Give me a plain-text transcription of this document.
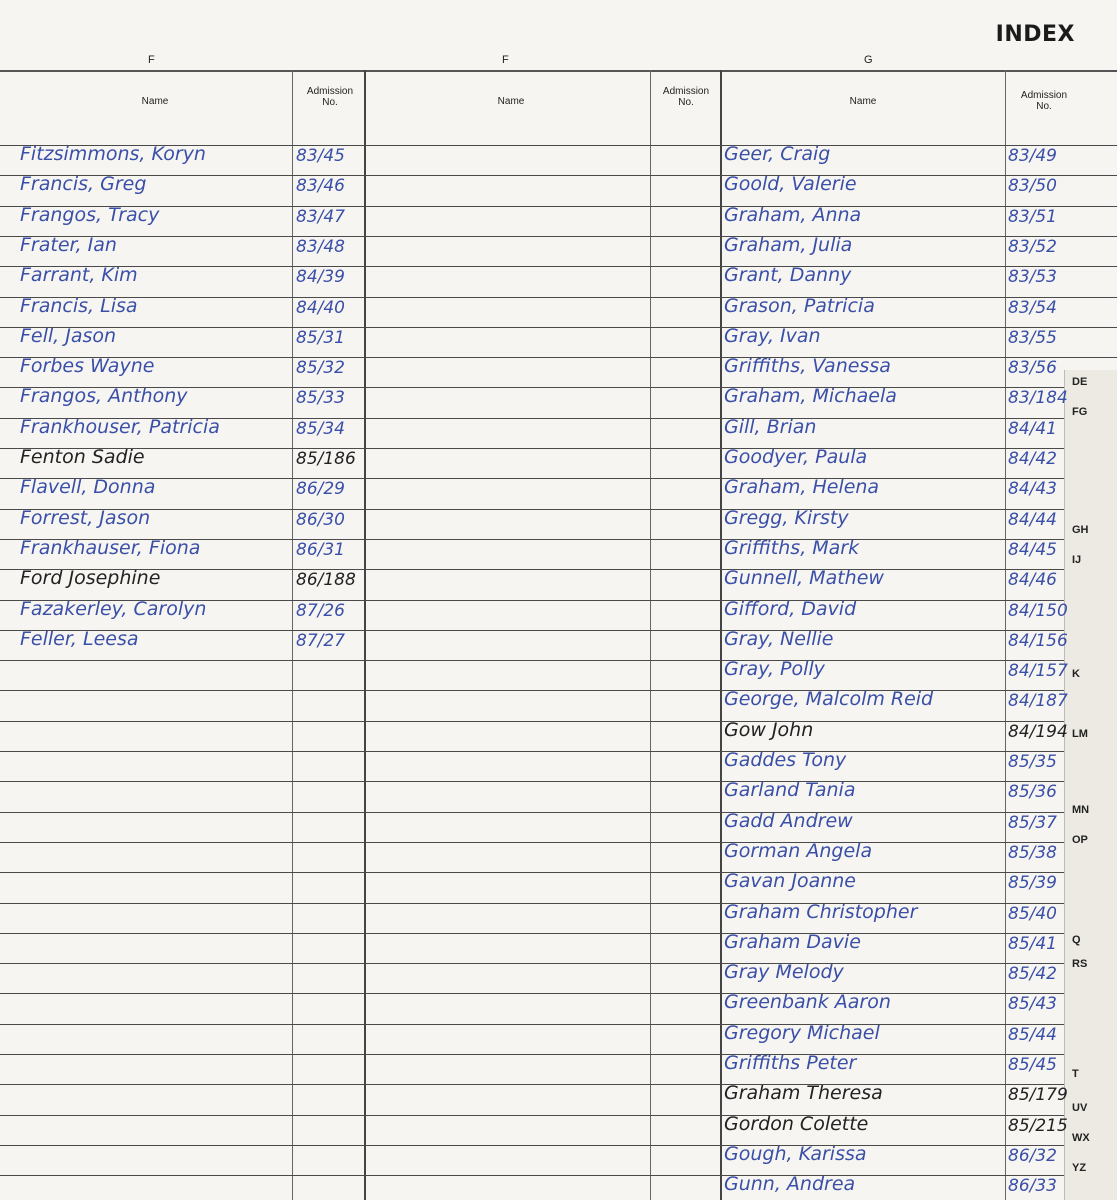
INDEX
F	F	G
Name
Admission
No.	Name
Admission
No.	Name
Admission
No.
DE
FG
GH
IJ
K
LM
MN
OP
Q
RS
T
UV
WX
YZ
Fitzsimmons, Koryn	83/45
Francis, Greg	83/46
Frangos, Tracy	83/47
Frater, Ian	83/48
Farrant, Kim	84/39
Francis, Lisa	84/40
Fell, Jason	85/31
Forbes Wayne	85/32
Frangos, Anthony	85/33
Frankhouser, Patricia	85/34
Fenton Sadie	85/186
Flavell, Donna	86/29
Forrest, Jason	86/30
Frankhauser, Fiona	86/31
Ford Josephine	86/188
Fazakerley, Carolyn	87/26
Feller, Leesa	87/27
Geer, Craig	83/49
Goold, Valerie	83/50
Graham, Anna	83/51
Graham, Julia	83/52
Grant, Danny	83/53
Grason, Patricia	83/54
Gray, Ivan	83/55
Griffiths, Vanessa	83/56
Graham, Michaela	83/184
Gill, Brian	84/41
Goodyer, Paula	84/42
Graham, Helena	84/43
Gregg, Kirsty	84/44
Griffiths, Mark	84/45
Gunnell, Mathew	84/46
Gifford, David	84/150
Gray, Nellie	84/156
Gray, Polly	84/157
George, Malcolm Reid	84/187
Gow John	84/194
Gaddes Tony	85/35
Garland Tania	85/36
Gadd Andrew	85/37
Gorman Angela	85/38
Gavan Joanne	85/39
Graham Christopher	85/40
Graham Davie	85/41
Gray Melody	85/42
Greenbank Aaron	85/43
Gregory Michael	85/44
Griffiths Peter	85/45
Graham Theresa	85/179
Gordon Colette	85/215
Gough, Karissa	86/32
Gunn, Andrea	86/33
